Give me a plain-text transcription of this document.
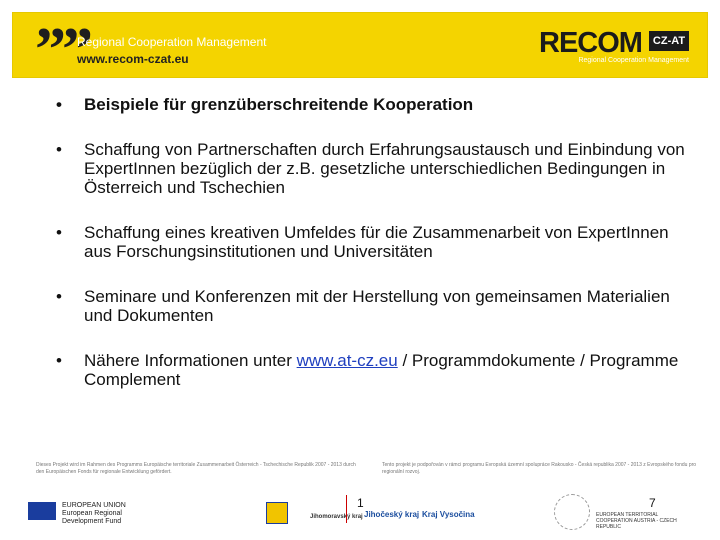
””
Regional Cooperation Management
www.recom-czat.eu	RECOM CZ-AT
Regional Cooperation Management
• Beispiele für grenzüberschreitende Kooperation
• Schaffung von Partnerschaften durch Erfahrungsaustausch und Einbindung von ExpertInnen bezüglich der z.B. gesetzliche unterschiedlichen Bedingungen in Österreich und Tschechien
• Schaffung eines kreativen Umfeldes für die Zusammenarbeit von ExpertInnen aus Forschungsinstitutionen und Universitäten
• Seminare und Konferenzen mit der Herstellung von gemeinsamen Materialien und Dokumenten
• Nähere Informationen unter www.at-cz.eu / Programmdokumente / Programme Complement
Dieses Projekt wird im Rahmen des Programms Europäische territoriale Zusammenarbeit Österreich - Tschechische Republik 2007 - 2013 durch den Europäischen Fonds für regionale Entwicklung gefördert.
Tento projekt je podpořován v rámci programu Evropská územní spolupráce Rakousko - Česká republika 2007 - 2013 z Evropského fondu pro regionální rozvoj.
EUROPEAN UNION
European Regional
Development Fund
Jihomoravský kraj
1
Jihočeský kraj Kraj Vysočina
7
EUROPEAN TERRITORIAL COOPERATION AUSTRIA - CZECH REPUBLIC
